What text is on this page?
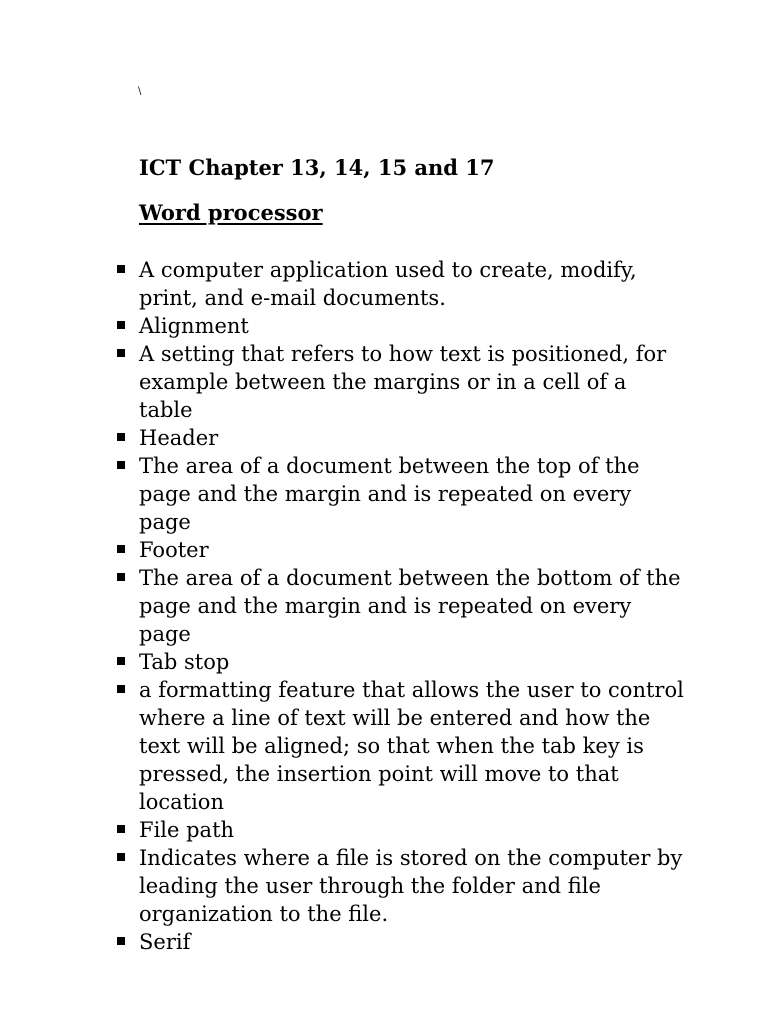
\
ICT Chapter 13, 14, 15 and 17
Word processor
A computer application used to create, modify, print, and e-mail documents.
Alignment
A setting that refers to how text is positioned, for example between the margins or in a cell of a table
Header
The area of a document between the top of the page and the margin and is repeated on every page
Footer
The area of a document between the bottom of the page and the margin and is repeated on every page
Tab stop
a formatting feature that allows the user to control where a line of text will be entered and how the text will be aligned; so that when the tab key is pressed, the insertion point will move to that location
File path
Indicates where a file is stored on the computer by leading the user through the folder and file organization to the file.
Serif
